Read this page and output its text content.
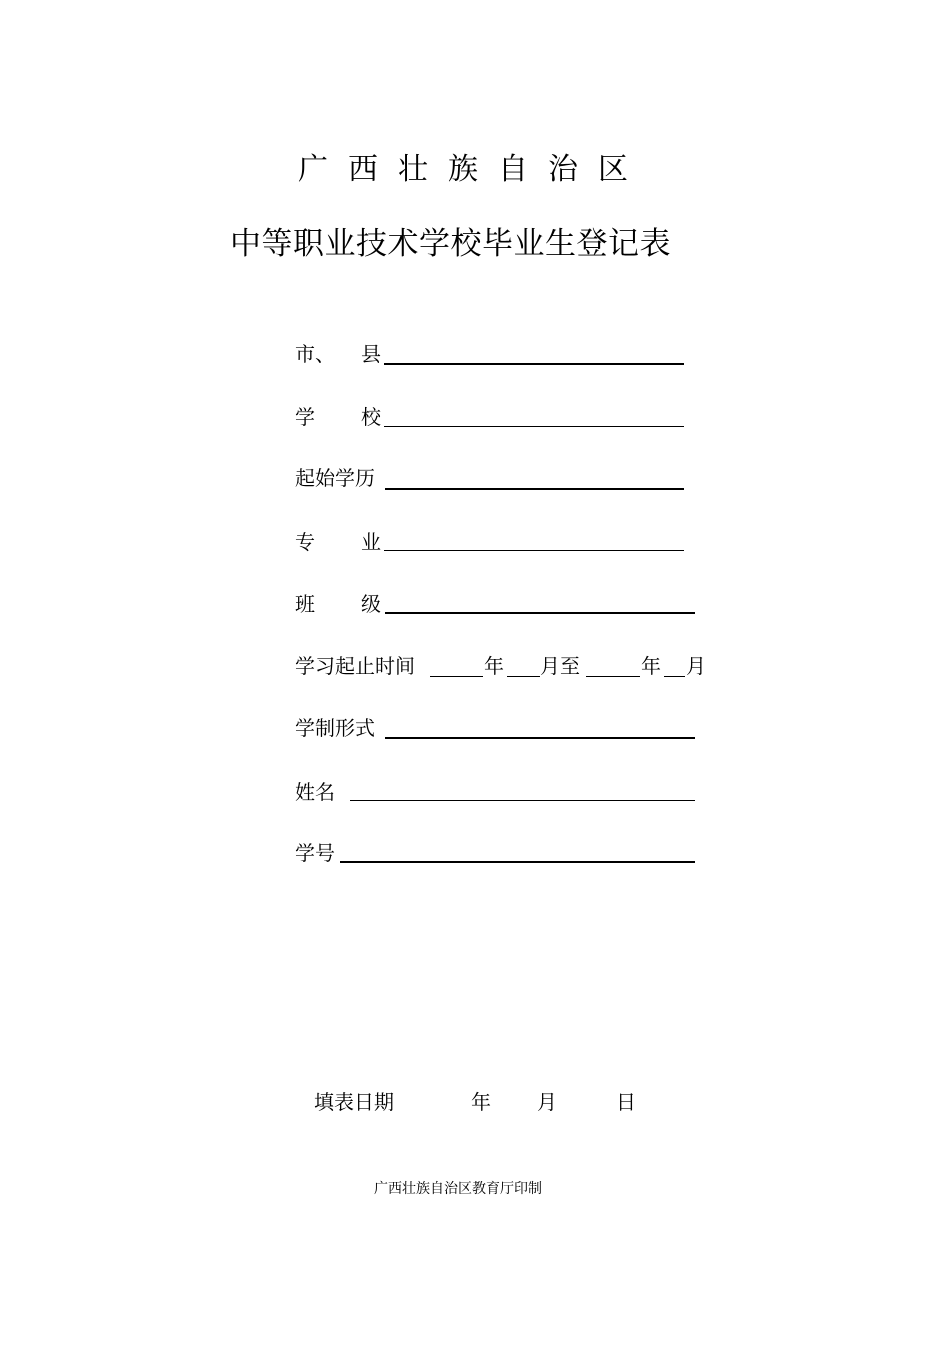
广西壮族自治区
中等职业技术学校毕业生登记表
市、 县
学 校
起始学历
专 业
班 级
学习起止时间	年 月至	年 月
学制形式
姓名
学号
填表日期	年 月	日
广西壮族自治区教育厅印制
